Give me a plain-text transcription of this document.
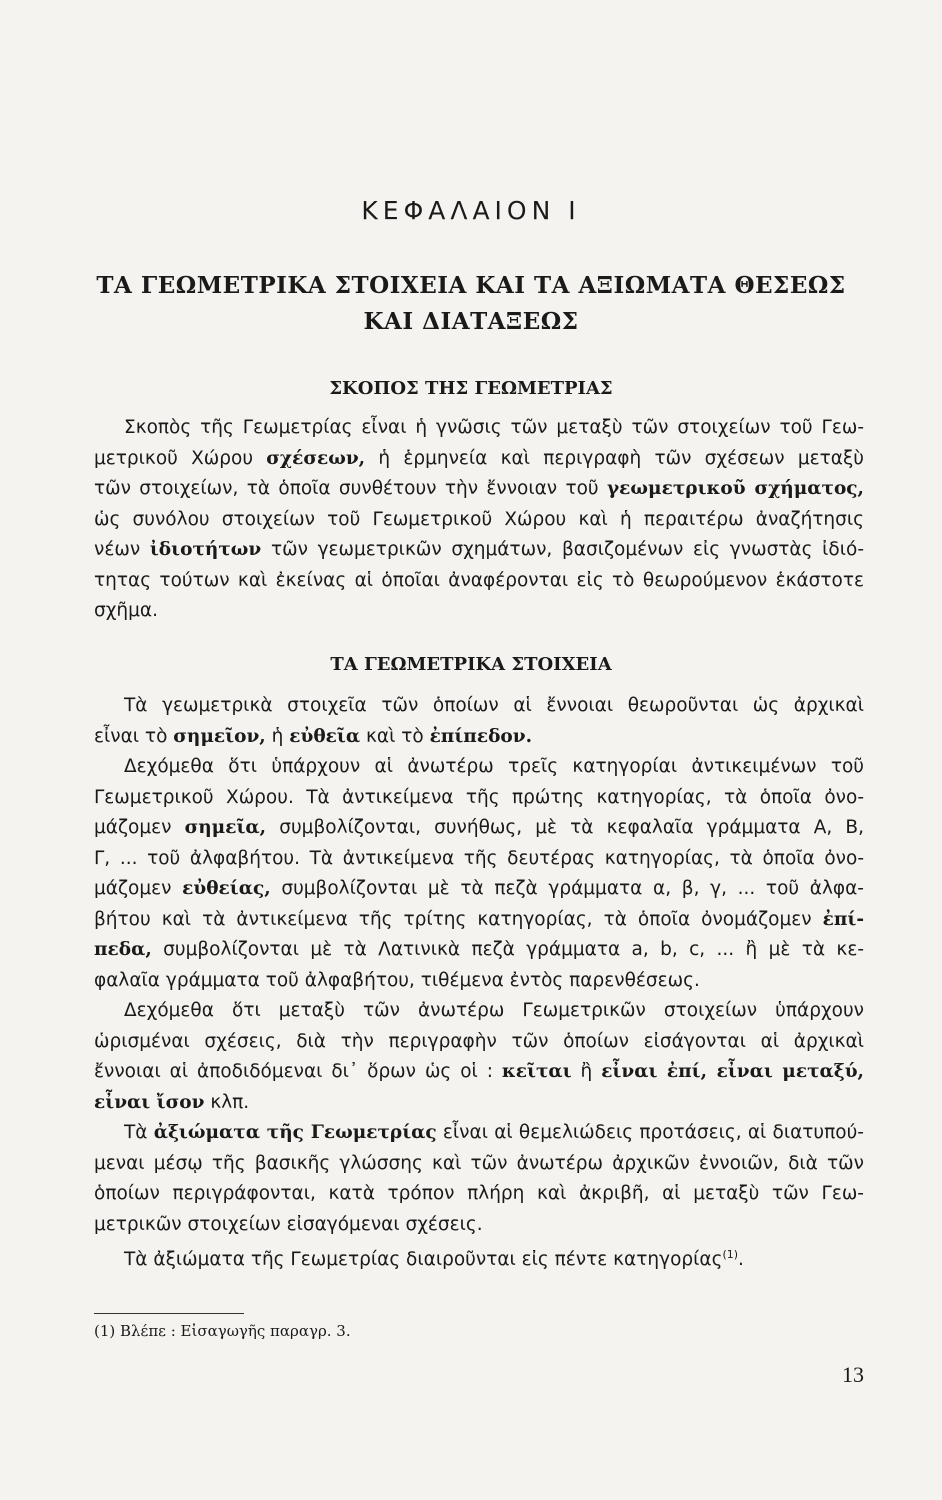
ΚΕΦΑΛΑΙΟΝ Ι
ΤΑ ΓΕΩΜΕΤΡΙΚΑ ΣΤΟΙΧΕΙΑ ΚΑΙ ΤΑ ΑΞΙΩΜΑΤΑ ΘΕΣΕΩΣ
ΚΑΙ ΔΙΑΤΑΞΕΩΣ
ΣΚΟΠΟΣ ΤΗΣ ΓΕΩΜΕΤΡΙΑΣ
Σκοπὸς τῆς Γεωμετρίας εἶναι ἡ γνῶσις τῶν μεταξὺ τῶν στοιχείων τοῦ Γεω-
μετρικοῦ Χώρου σχέσεων, ἡ ἑρμηνεία καὶ περιγραφὴ τῶν σχέσεων μεταξὺ
τῶν στοιχείων, τὰ ὁποῖα συνθέτουν τὴν ἔννοιαν τοῦ γεωμετρικοῦ σχήματος,
ὡς συνόλου στοιχείων τοῦ Γεωμετρικοῦ Χώρου καὶ ἡ περαιτέρω ἀναζήτησις
νέων ἰδιοτήτων τῶν γεωμετρικῶν σχημάτων, βασιζομένων εἰς γνωστὰς ἰδιό-
τητας τούτων καὶ ἐκείνας αἱ ὁποῖαι ἀναφέρονται εἰς τὸ θεωρούμενον ἑκάστοτε
σχῆμα.
ΤΑ ΓΕΩΜΕΤΡΙΚΑ ΣΤΟΙΧΕΙΑ
Τὰ γεωμετρικὰ στοιχεῖα τῶν ὁποίων αἱ ἔννοιαι θεωροῦνται ὡς ἀρχικαὶ
εἶναι τὸ σημεῖον, ἡ εὐθεῖα καὶ τὸ ἐπίπεδον.
Δεχόμεθα ὅτι ὑπάρχουν αἱ ἀνωτέρω τρεῖς κατηγορίαι ἀντικειμένων τοῦ
Γεωμετρικοῦ Χώρου. Τὰ ἀντικείμενα τῆς πρώτης κατηγορίας, τὰ ὁποῖα ὀνο-
μάζομεν σημεῖα, συμβολίζονται, συνήθως, μὲ τὰ κεφαλαῖα γράμματα Α, Β,
Γ, ... τοῦ ἀλφαβήτου. Τὰ ἀντικείμενα τῆς δευτέρας κατηγορίας, τὰ ὁποῖα ὀνο-
μάζομεν εὐθείας, συμβολίζονται μὲ τὰ πεζὰ γράμματα α, β, γ, ... τοῦ ἀλφα-
βήτου καὶ τὰ ἀντικείμενα τῆς τρίτης κατηγορίας, τὰ ὁποῖα ὀνομάζομεν ἐπί-
πεδα, συμβολίζονται μὲ τὰ Λατινικὰ πεζὰ γράμματα a, b, c, ... ἢ μὲ τὰ κε-
φαλαῖα γράμματα τοῦ ἀλφαβήτου, τιθέμενα ἐντὸς παρενθέσεως.
Δεχόμεθα ὅτι μεταξὺ τῶν ἀνωτέρω Γεωμετρικῶν στοιχείων ὑπάρχουν
ὡρισμέναι σχέσεις, διὰ τὴν περιγραφὴν τῶν ὁποίων εἰσάγονται αἱ ἀρχικαὶ
ἔννοιαι αἱ ἀποδιδόμεναι δι᾽ ὅρων ὡς οἱ : κεῖται ἢ εἶναι ἐπί, εἶναι μεταξύ,
εἶναι ἴσον κλπ.
Τὰ ἀξιώματα τῆς Γεωμετρίας εἶναι αἱ θεμελιώδεις προτάσεις, αἱ διατυπού-
μεναι μέσῳ τῆς βασικῆς γλώσσης καὶ τῶν ἀνωτέρω ἀρχικῶν ἐννοιῶν, διὰ τῶν
ὁποίων περιγράφονται, κατὰ τρόπον πλήρη καὶ ἀκριβῆ, αἱ μεταξὺ τῶν Γεω-
μετρικῶν στοιχείων εἰσαγόμεναι σχέσεις.
Τὰ ἀξιώματα τῆς Γεωμετρίας διαιροῦνται εἰς πέντε κατηγορίας$^{(1)}$.
(1) Βλέπε : Εἰσαγωγῆς παραγρ. 3.
13
